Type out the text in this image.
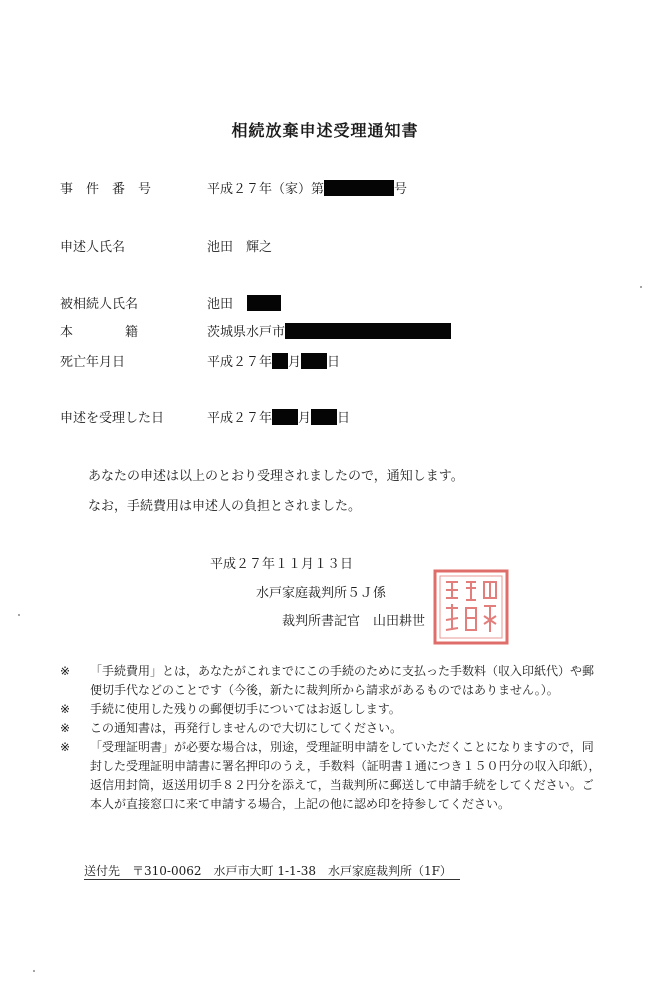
相続放棄申述受理通知書
事　件　番　号	平成２７年（家）第	号
申述人氏名	池田　輝之
被相続人氏名	池田
本　　　　籍	茨城県水戸市
死亡年月日	平成２７年 月 日
申述を受理した日	平成２７年 月 日
あなたの申述は以上のとおり受理されましたので，通知します。
なお，手続費用は申述人の負担とされました。
平成２７年１１月１３日
水戸家庭裁判所５Ｊ係
裁判所書記官　山田耕世
※	「手続費用」とは，あなたがこれまでにこの手続のために支払った手数料（収入印紙代）や郵便切手代などのことです（今後，新たに裁判所から請求があるものではありません。）。
※	手続に使用した残りの郵便切手についてはお返しします。
※	この通知書は，再発行しませんので大切にしてください。
※	「受理証明書」が必要な場合は，別途，受理証明申請をしていただくことになりますので，同封した受理証明申請書に署名押印のうえ，手数料（証明書１通につき１５０円分の収入印紙），返信用封筒，返送用切手８２円分を添えて，当裁判所に郵送して申請手続をしてください。ご本人が直接窓口に来て申請する場合，上記の他に認め印を持参してください。
送付先　〒310-0062　水戸市大町 1-1-38　水戸家庭裁判所（1F）
